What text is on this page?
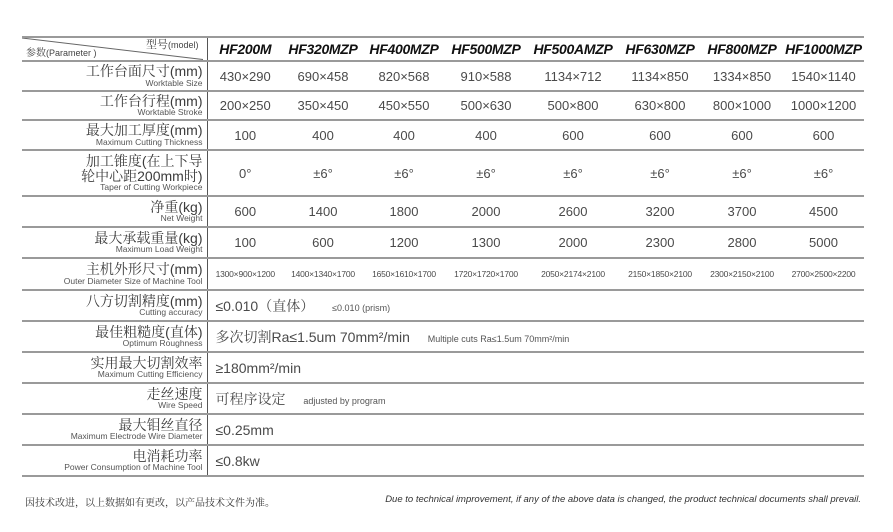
型号(model)
参数(Parameter )	HF200M	HF320MZP	HF400MZP	HF500MZP	HF500AMZP	HF630MZP	HF800MZP	HF1000MZP

工作台面尺寸(mm)
Worktable Size	430×290	690×458	820×568	910×588	1134×712	1134×850	1334×850	1540×1140

工作台行程(mm)
Worktable Stroke	200×250	350×450	450×550	500×630	500×800	630×800	800×1000	1000×1200

最大加工厚度(mm)
Maximum Cutting Thickness	100	400	400	400	600	600	600	600

加工锥度(在上下导
轮中心距200mm时)
Taper of Cutting Workpiece	0°	±6°	±6°	±6°	±6°	±6°	±6°	±6°

净重(kg)
Net Weight	600	1400	1800	2000	2600	3200	3700	4500

最大承载重量(kg)
Maximum Load Weight	100	600	1200	1300	2000	2300	2800	5000

主机外形尺寸(mm)
Outer Diameter Size of Machine Tool	1300×900×1200	1400×1340×1700	1650×1610×1700	1720×1720×1700	2050×2174×2100	2150×1850×2100	2300×2150×2100	2700×2500×2200

八方切割精度(mm)
Cutting accuracy	≤0.010（直体） ≤0.010 (prism)							

最佳粗糙度(直体)
Optimum Roughness	多次切割Ra≤1.5um 70mm²/min Multiple cuts Ra≤1.5um 70mm²/min							

实用最大切割效率
Maximum Cutting Efficiency	≥180mm²/min							

走丝速度
Wire Speed	可程序设定 adjusted by program							

最大钼丝直径
Maximum Electrode Wire Diameter	≤0.25mm							

电消耗功率
Power Consumption of Machine Tool	≤0.8kw							
因技术改进，以上数据如有更改，以产品技术文件为准。	Due to technical improvement, if any of the above data is changed, the product technical documents shall prevail.
